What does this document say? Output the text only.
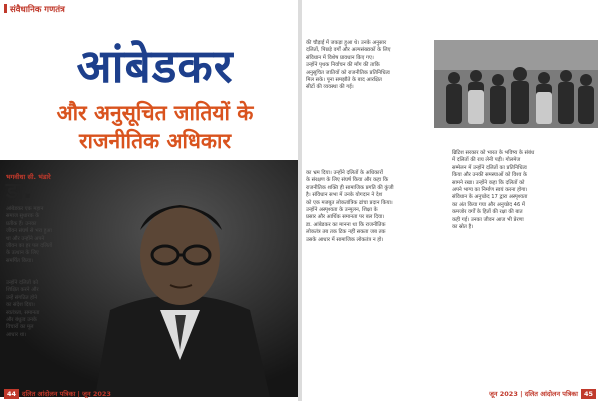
संवैधानिक गणतंत्र
आंबेडकर
और अनुसूचित जातियों के
राजनीतिक अधिकार
भगवीधा सी. भंडारे
डा.
आंबेडकर एक महान
समाज सुधारक के
प्रतीक हैं। उनका
जीवन संघर्ष से भरा हुआ
था और उन्होंने अपने
जीवन का हर पल दलितों
के उत्थान के लिए
समर्पित किया।
उन्होंने दलितों को
शिक्षित करने और
उन्हें संगठित होने
का संदेश दिया।
स्वतंत्रता, समानता
और बंधुत्व उनके
विचारों का मूल
आधार था।
44 दलित आंदोलन पत्रिका | जून 2023
की चौड़ाई में जकड़ा हुआ थे। उनके अनुसार
दलितों, पिछड़े वर्गों और अल्पसंख्यकों के लिए
संविधान में विशेष प्रावधान किए गए।
उन्होंने पृथक निर्वाचन की माँग की ताकि
अनुसूचित जातियों को राजनीतिक प्रतिनिधित्व
मिल सके। पूना समझौते के बाद आरक्षित
सीटों की व्यवस्था की गई।
का भ्रम दिया। उन्होंने दलितों के अधिकारों
के संरक्षण के लिए संघर्ष किया और कहा कि
राजनीतिक शक्ति ही सामाजिक प्रगति की कुंजी
है। संविधान सभा में उनके योगदान ने देश
को एक मजबूत लोकतांत्रिक ढांचा प्रदान किया।
उन्होंने अस्पृश्यता के उन्मूलन, शिक्षा के
प्रसार और आर्थिक समानता पर बल दिया।
डा. आंबेडकर का मानना था कि राजनीतिक
लोकतंत्र तब तक टिक नहीं सकता जब तक
उसके आधार में सामाजिक लोकतंत्र न हो।
ब्रिटिश सरकार को भारत के भविष्य के संबंध
में दलितों की राय लेनी पड़ी। गोलमेज
सम्मेलन में उन्होंने दलितों का प्रतिनिधित्व
किया और उनकी समस्याओं को विश्व के
सामने रखा। उन्होंने कहा कि दलितों को
अपने भाग्य का निर्माण स्वयं करना होगा।
संविधान के अनुच्छेद 17 द्वारा अस्पृश्यता
का अंत किया गया और अनुच्छेद 46 में
कमजोर वर्गों के हितों की रक्षा की बात
कही गई। उनका जीवन आज भी प्रेरणा
का स्रोत है।
जून 2023 | दलित आंदोलन पत्रिका 45
